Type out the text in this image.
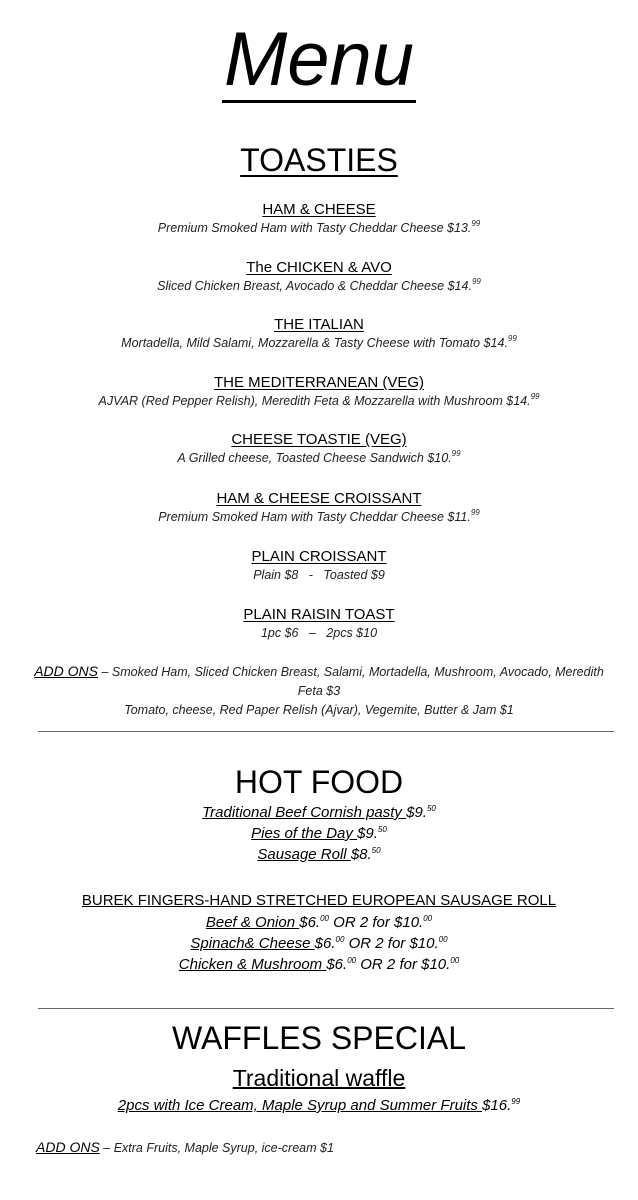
Menu
TOASTIES
HAM & CHEESE
Premium Smoked Ham with Tasty Cheddar Cheese $13.99
The CHICKEN & AVO
Sliced Chicken Breast, Avocado & Cheddar Cheese $14.99
THE ITALIAN
Mortadella, Mild Salami, Mozzarella & Tasty Cheese with Tomato $14.99
THE MEDITERRANEAN (VEG)
AJVAR (Red Pepper Relish), Meredith Feta & Mozzarella with Mushroom $14.99
CHEESE TOASTIE (VEG)
A Grilled cheese, Toasted Cheese Sandwich $10.99
HAM & CHEESE CROISSANT
Premium Smoked Ham with Tasty Cheddar Cheese $11.99
PLAIN CROISSANT
Plain $8   -   Toasted $9
PLAIN RAISIN TOAST
1pc $6   –   2pcs $10
ADD ONS – Smoked Ham, Sliced Chicken Breast, Salami, Mortadella, Mushroom, Avocado, Meredith Feta $3
Tomato, cheese, Red Paper Relish (Ajvar), Vegemite, Butter & Jam $1
HOT FOOD
Traditional Beef Cornish pasty $9.50
Pies of the Day $9.50
Sausage Roll $8.50
BUREK FINGERS-HAND STRETCHED EUROPEAN SAUSAGE ROLL
Beef & Onion $6.00 OR 2 for $10.00
Spinach& Cheese $6.00 OR 2 for $10.00
Chicken & Mushroom $6.00 OR 2 for $10.00
WAFFLES SPECIAL
Traditional waffle
2pcs with Ice Cream, Maple Syrup and Summer Fruits $16.99
ADD ONS – Extra Fruits, Maple Syrup, ice-cream $1
